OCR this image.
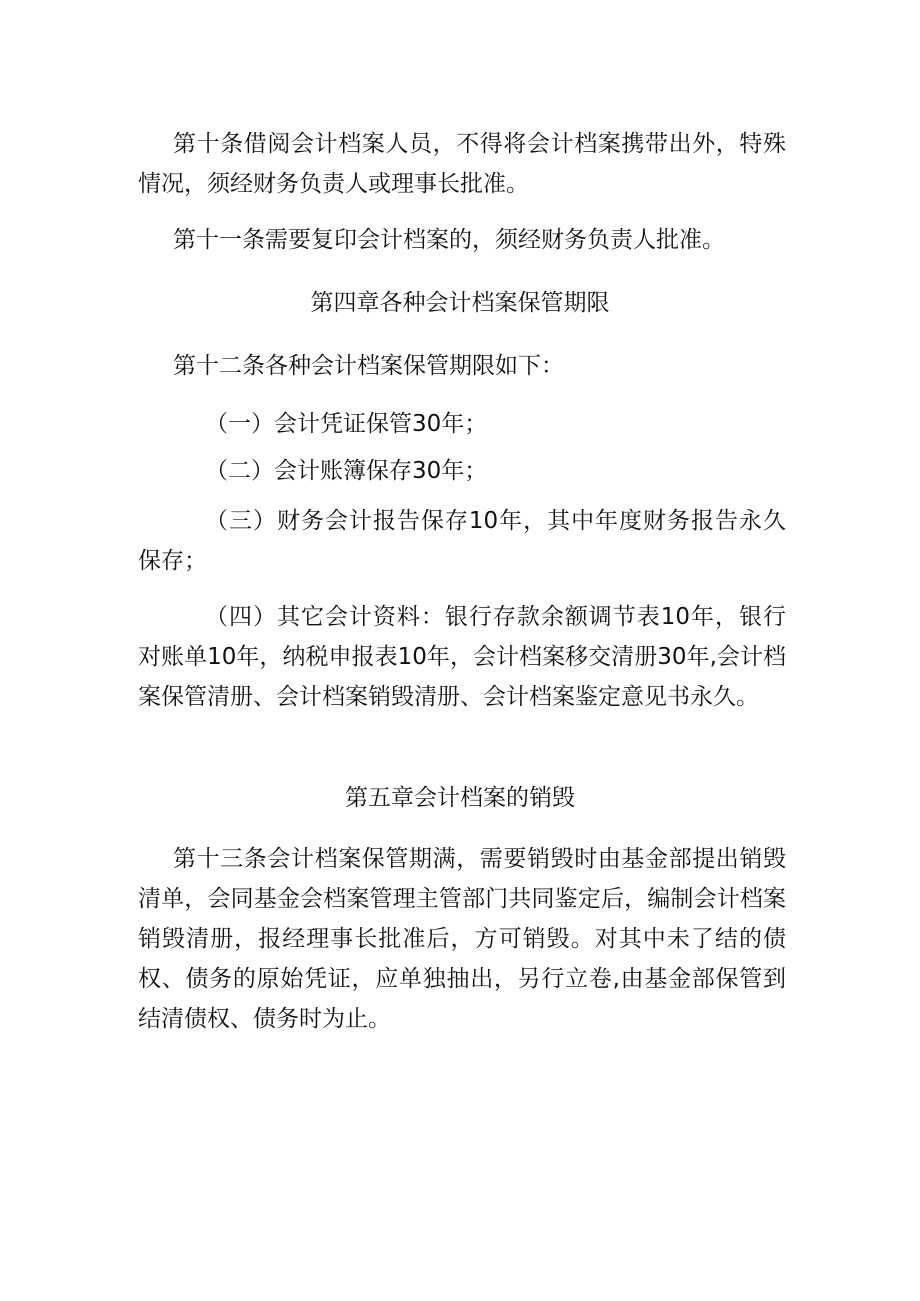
第十条借阅会计档案人员，不得将会计档案携带出外，特殊情况，须经财务负责人或理事长批准。

第十一条需要复印会计档案的，须经财务负责人批准。

第四章各种会计档案保管期限

第十二条各种会计档案保管期限如下：

（一）会计凭证保管30年；

（二）会计账簿保存30年；

（三）财务会计报告保存10年，其中年度财务报告永久保存；

（四）其它会计资料：银行存款余额调节表10年，银行对账单10年，纳税申报表10年，会计档案移交清册30年,会计档案保管清册、会计档案销毁清册、会计档案鉴定意见书永久。

第五章会计档案的销毁

第十三条会计档案保管期满，需要销毁时由基金部提出销毁清单，会同基金会档案管理主管部门共同鉴定后，编制会计档案销毁清册，报经理事长批准后，方可销毁。对其中未了结的债权、债务的原始凭证，应单独抽出，另行立卷,由基金部保管到结清债权、债务时为止。
